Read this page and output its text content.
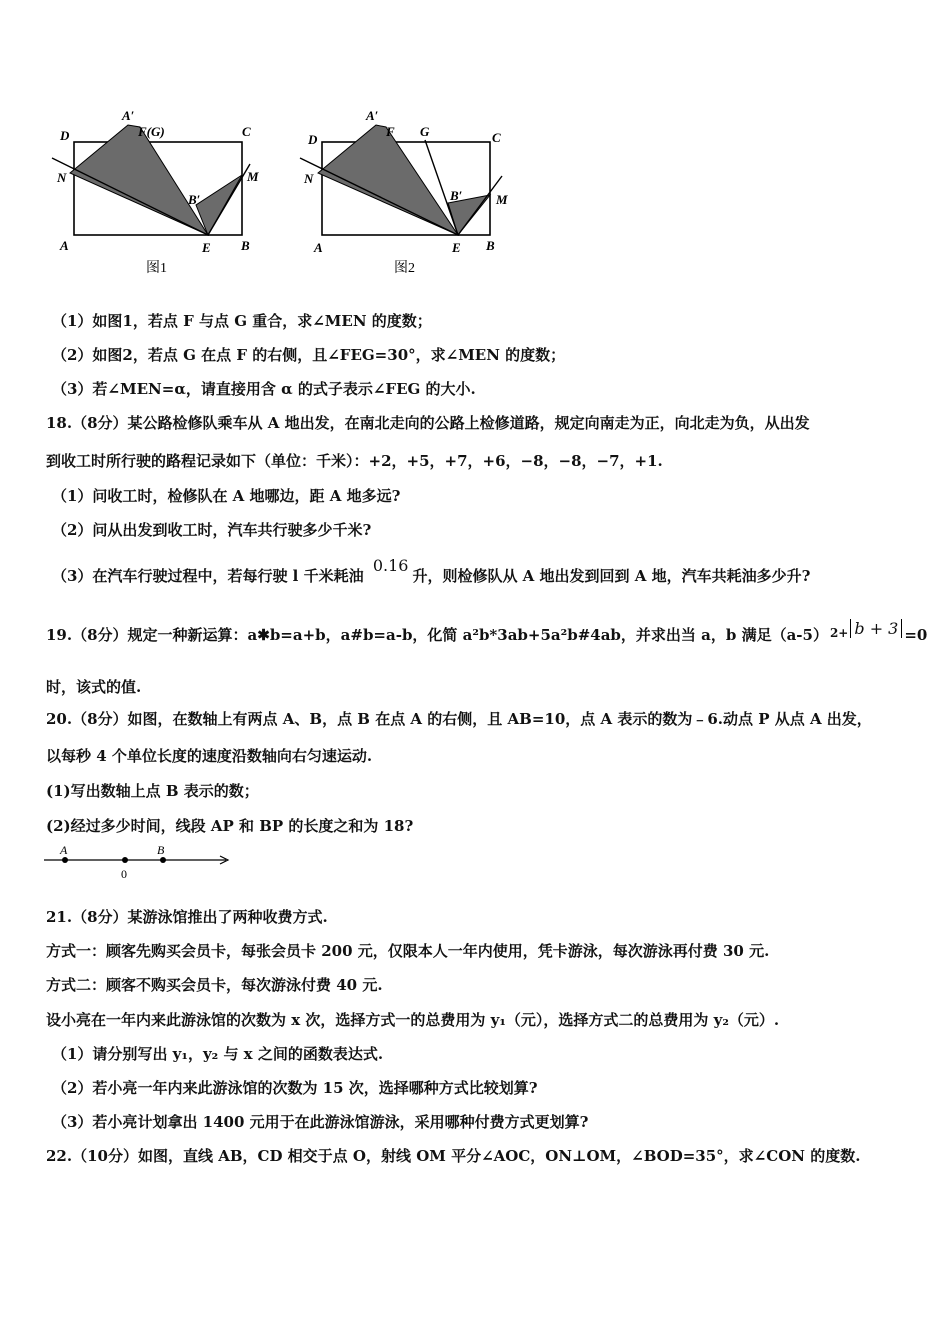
A′
F(G)
D	C
N	M
B′
A	E B
图1
A′
F G
D	C
N
M
B′
A	E B
图2
（1）如图1，若点 F 与点 G 重合，求∠MEN 的度数；
（2）如图2，若点 G 在点 F 的右侧，且∠FEG=30°，求∠MEN 的度数；
（3）若∠MEN=α，请直接用含 α 的式子表示∠FEG 的大小.
18.（8分）某公路检修队乘车从 A 地出发，在南北走向的公路上检修道路，规定向南走为正，向北走为负，从出发
到收工时所行驶的路程记录如下（单位：千米）：+2，+5，+7，+6，−8，−8，−7，+1.
（1）问收工时，检修队在 A 地哪边，距 A 地多远?
（2）问从出发到收工时，汽车共行驶多少千米?
（3）在汽车行驶过程中，若每行驶 l 千米耗油 0.16升，则检修队从 A 地出发到回到 A 地，汽车共耗油多少升?
19.（8分）规定一种新运算：a✱b=a+b，a#b=a-b，化简 a²b*3ab+5a²b#4ab，并求出当 a，b 满足（a-5） $^{2+}$ b + 3 =0
时，该式的值.
20.（8分）如图，在数轴上有两点 A、B，点 B 在点 A 的右侧，且 AB=10，点 A 表示的数为﹣6.动点 P 从点 A 出发，
以每秒 4 个单位长度的速度沿数轴向右匀速运动.
(1)写出数轴上点 B 表示的数；
(2)经过多少时间，线段 AP 和 BP 的长度之和为 18?
A
0
B
21.（8分）某游泳馆推出了两种收费方式.
方式一：顾客先购买会员卡，每张会员卡 200 元，仅限本人一年内使用，凭卡游泳，每次游泳再付费 30 元.
方式二：顾客不购买会员卡，每次游泳付费 40 元.
设小亮在一年内来此游泳馆的次数为 x 次，选择方式一的总费用为 y₁（元），选择方式二的总费用为 y₂（元）.
（1）请分别写出 y₁，y₂ 与 x 之间的函数表达式.
（2）若小亮一年内来此游泳馆的次数为 15 次，选择哪种方式比较划算?
（3）若小亮计划拿出 1400 元用于在此游泳馆游泳，采用哪种付费方式更划算?
22.（10分）如图，直线 AB，CD 相交于点 O，射线 OM 平分∠AOC，ON⊥OM，∠BOD=35°，求∠CON 的度数.
